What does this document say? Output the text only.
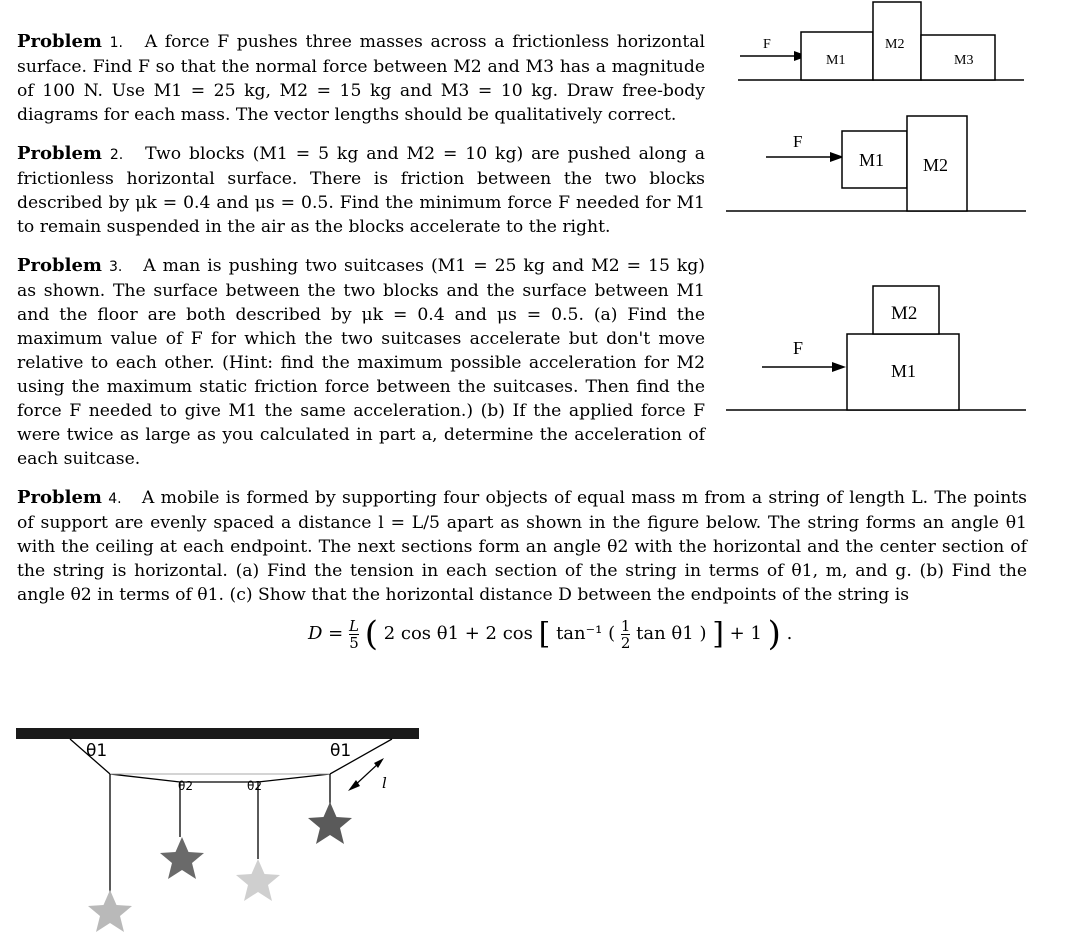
Problem 1. A force F pushes three masses across a frictionless horizontal surface. Find F so that the normal force between M2 and M3 has a magnitude of 100 N. Use M1 = 25 kg, M2 = 15 kg and M3 = 10 kg. Draw free-body diagrams for each mass. The vector lengths should be qualitatively correct.

Problem 2. Two blocks (M1 = 5 kg and M2 = 10 kg) are pushed along a frictionless horizontal surface. There is friction between the two blocks described by μk = 0.4 and μs = 0.5. Find the minimum force F needed for M1 to remain suspended in the air as the blocks accelerate to the right.

Problem 3. A man is pushing two suitcases (M1 = 25 kg and M2 = 15 kg) as shown. The surface between the two blocks and the surface between M1 and the floor are both described by μk = 0.4 and μs = 0.5. (a) Find the maximum value of F for which the two suitcases accelerate but don't move relative to each other. (Hint: find the maximum possible acceleration for M2 using the maximum static friction force between the suitcases. Then find the force F needed to give M1 the same acceleration.) (b) If the applied force F were twice as large as you calculated in part a, determine the acceleration of each suitcase.

Problem 4. A mobile is formed by supporting four objects of equal mass m from a string of length L. The points of support are evenly spaced a distance l = L/5 apart as shown in the figure below. The string forms an angle θ1 with the ceiling at each endpoint. The next sections form an angle θ2 with the horizontal and the center section of the string is horizontal. (a) Find the tension in each section of the string in terms of θ1, m, and g. (b) Find the angle θ2 in terms of θ1. (c) Show that the horizontal distance D between the endpoints of the string is

$D = \frac{L}{5}$ ( 2 cos θ1 + 2 cos [ tan⁻¹ ( $\frac{1}{2}$ tan θ1 ) ] + 1 ) .
F
M1
M2
M3
F
M1 M2
F
M1
M2
θ1	θ1
θ2	θ2	l
